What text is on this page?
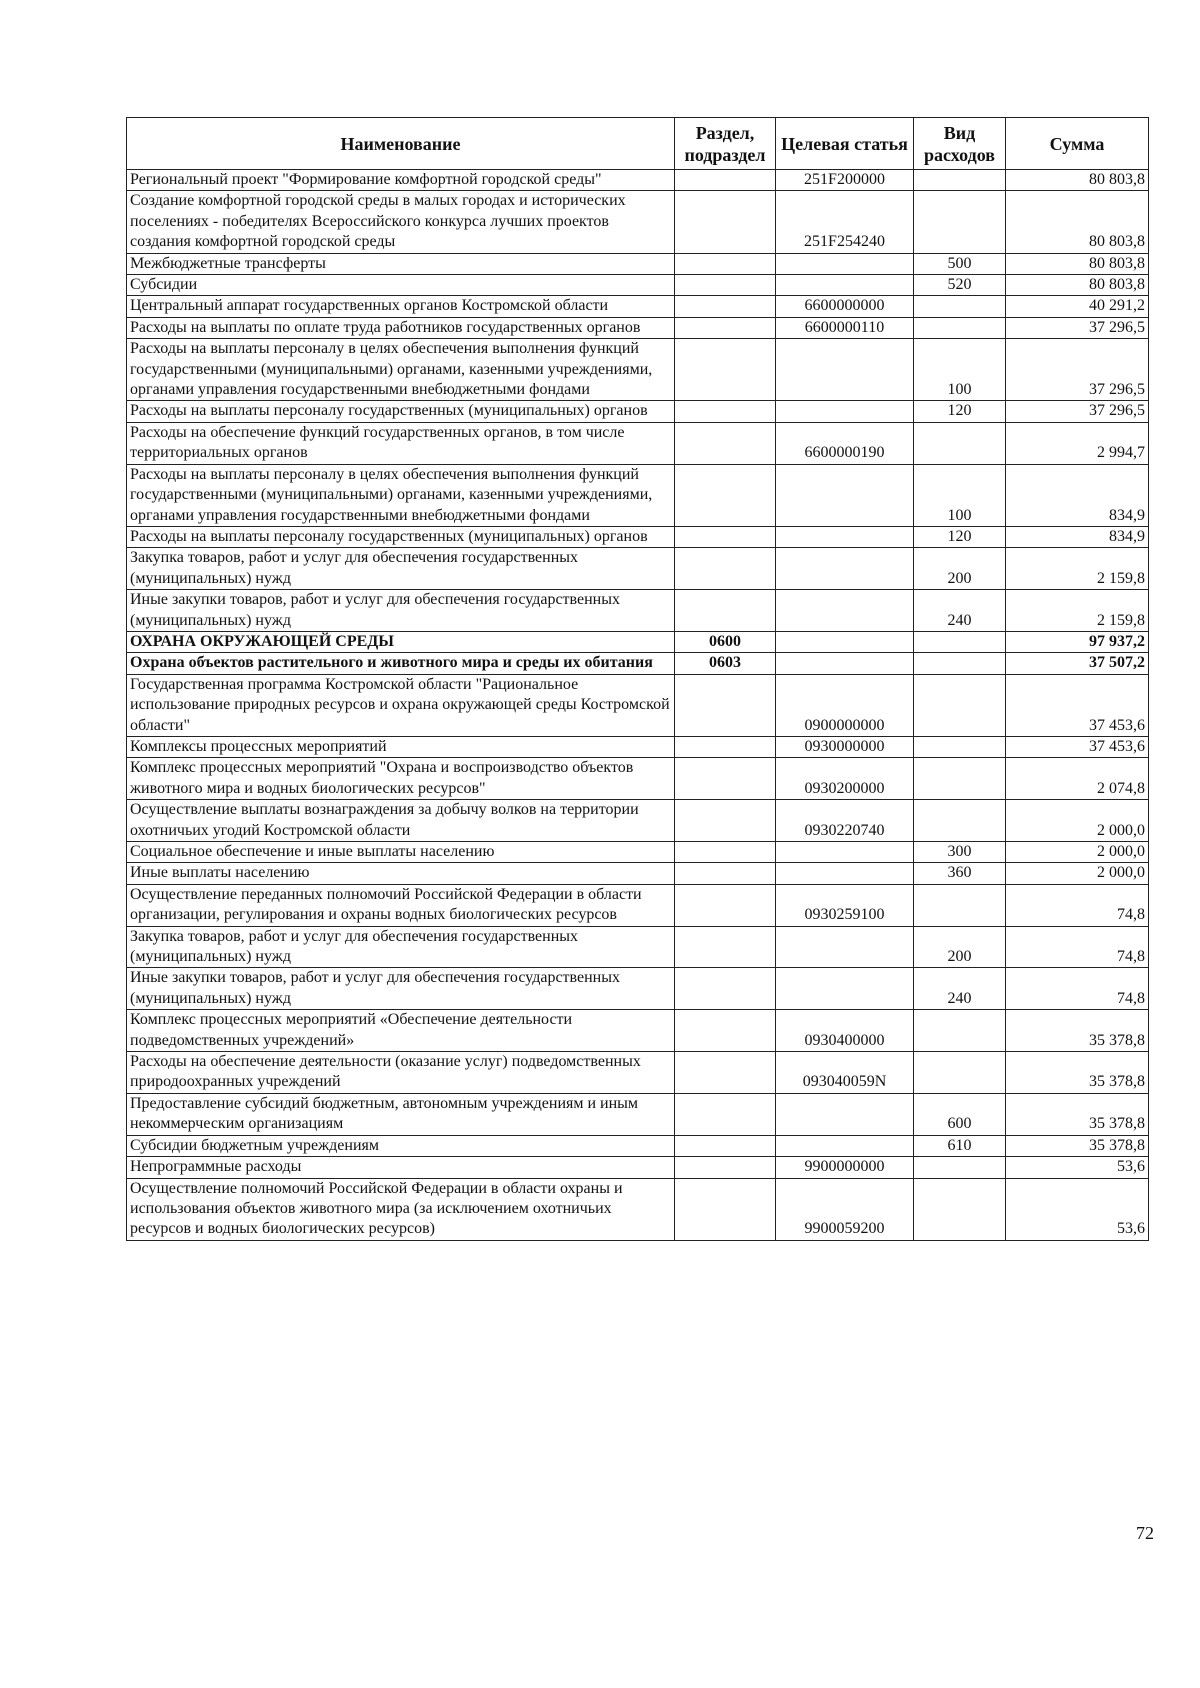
Наименование	Раздел, подраздел	Целевая статья	Вид расходов	Сумма
Региональный проект "Формирование комфортной городской среды"		251F200000		80 803,8
Создание комфортной городской среды в малых городах и исторических поселениях - победителях Всероссийского конкурса лучших проектов создания комфортной городской среды		251F254240		80 803,8
Межбюджетные трансферты			500	80 803,8
Субсидии			520	80 803,8
Центральный аппарат государственных органов Костромской области		6600000000		40 291,2
Расходы на выплаты по оплате труда работников государственных органов		6600000110		37 296,5
Расходы на выплаты персоналу в целях обеспечения выполнения функций государственными (муниципальными) органами, казенными учреждениями, органами управления государственными внебюджетными фондами			100	37 296,5
Расходы на выплаты персоналу государственных (муниципальных) органов			120	37 296,5
Расходы на обеспечение функций государственных органов, в том числе территориальных органов		6600000190		2 994,7
Расходы на выплаты персоналу в целях обеспечения выполнения функций государственными (муниципальными) органами, казенными учреждениями, органами управления государственными внебюджетными фондами			100	834,9
Расходы на выплаты персоналу государственных (муниципальных) органов			120	834,9
Закупка товаров, работ и услуг для обеспечения государственных (муниципальных) нужд			200	2 159,8
Иные закупки товаров, работ и услуг для обеспечения государственных (муниципальных) нужд			240	2 159,8
ОХРАНА ОКРУЖАЮЩЕЙ СРЕДЫ	0600			97 937,2
Охрана объектов растительного и животного мира и среды их обитания	0603			37 507,2
Государственная программа Костромской области "Рациональное использование природных ресурсов и охрана окружающей среды Костромской области"		0900000000		37 453,6
Комплексы процессных мероприятий		0930000000		37 453,6
Комплекс процессных мероприятий "Охрана и воспроизводство объектов животного мира и водных биологических ресурсов"		0930200000		2 074,8
Осуществление выплаты вознаграждения за добычу волков на территории охотничьих угодий Костромской области		0930220740		2 000,0
Социальное обеспечение и иные выплаты населению			300	2 000,0
Иные выплаты населению			360	2 000,0
Осуществление переданных полномочий Российской Федерации в области организации, регулирования и охраны водных биологических ресурсов		0930259100		74,8
Закупка товаров, работ и услуг для обеспечения государственных (муниципальных) нужд			200	74,8
Иные закупки товаров, работ и услуг для обеспечения государственных (муниципальных) нужд			240	74,8
Комплекс процессных мероприятий «Обеспечение деятельности подведомственных учреждений»		0930400000		35 378,8
Расходы на обеспечение деятельности (оказание услуг) подведомственных природоохранных учреждений		093040059N		35 378,8
Предоставление субсидий бюджетным, автономным учреждениям и иным некоммерческим организациям			600	35 378,8
Субсидии бюджетным учреждениям			610	35 378,8
Непрограммные расходы		9900000000		53,6
Осуществление полномочий Российской Федерации в области охраны и использования объектов животного мира (за исключением охотничьих ресурсов и водных биологических ресурсов)		9900059200		53,6
72
